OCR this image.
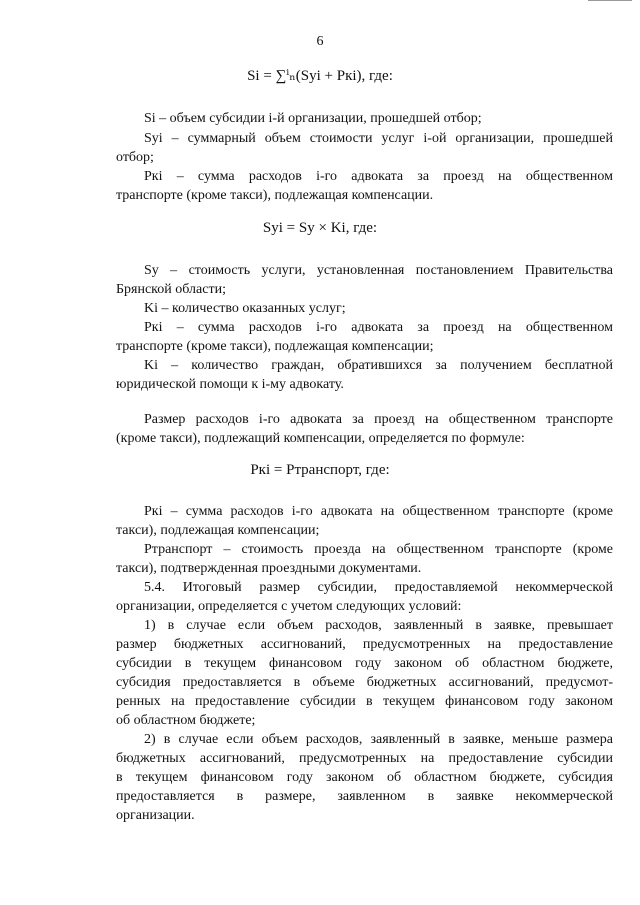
6
Si = ∑ⁱₙ(Sуi + Pкi), где:
Si – объем субсидии i-й организации, прошедшей отбор;
Sуi – суммарный объем стоимости услуг i-ой организации, прошедшей
отбор;
Pкi – сумма расходов i-го адвоката за проезд на общественном
транспорте (кроме такси), подлежащая компенсации.
Sуi = Sу × Ki, где:
Sу – стоимость услуги, установленная постановлением Правительства
Брянской области;
Ki – количество оказанных услуг;
Pкi – сумма расходов i-го адвоката за проезд на общественном
транспорте (кроме такси), подлежащая компенсации;
Ki – количество граждан, обратившихся за получением бесплатной
юридической помощи к i-му адвокату.
Размер расходов i-го адвоката за проезд на общественном транспорте
(кроме такси), подлежащий компенсации, определяется по формуле:
Pкi = Pтранспорт, где:
Pкi – сумма расходов i-го адвоката на общественном транспорте (кроме
такси), подлежащая компенсации;
Pтранспорт – стоимость проезда на общественном транспорте (кроме
такси), подтвержденная проездными документами.
5.4. Итоговый размер субсидии, предоставляемой некоммерческой
организации, определяется с учетом следующих условий:
1) в случае если объем расходов, заявленный в заявке, превышает
размер бюджетных ассигнований, предусмотренных на предоставление
субсидии в текущем финансовом году законом об областном бюджете,
субсидия предоставляется в объеме бюджетных ассигнований, предусмот-
ренных на предоставление субсидии в текущем финансовом году законом
об областном бюджете;
2) в случае если объем расходов, заявленный в заявке, меньше размера
бюджетных ассигнований, предусмотренных на предоставление субсидии
в текущем финансовом году законом об областном бюджете, субсидия
предоставляется в размере, заявленном в заявке некоммерческой
организации.
